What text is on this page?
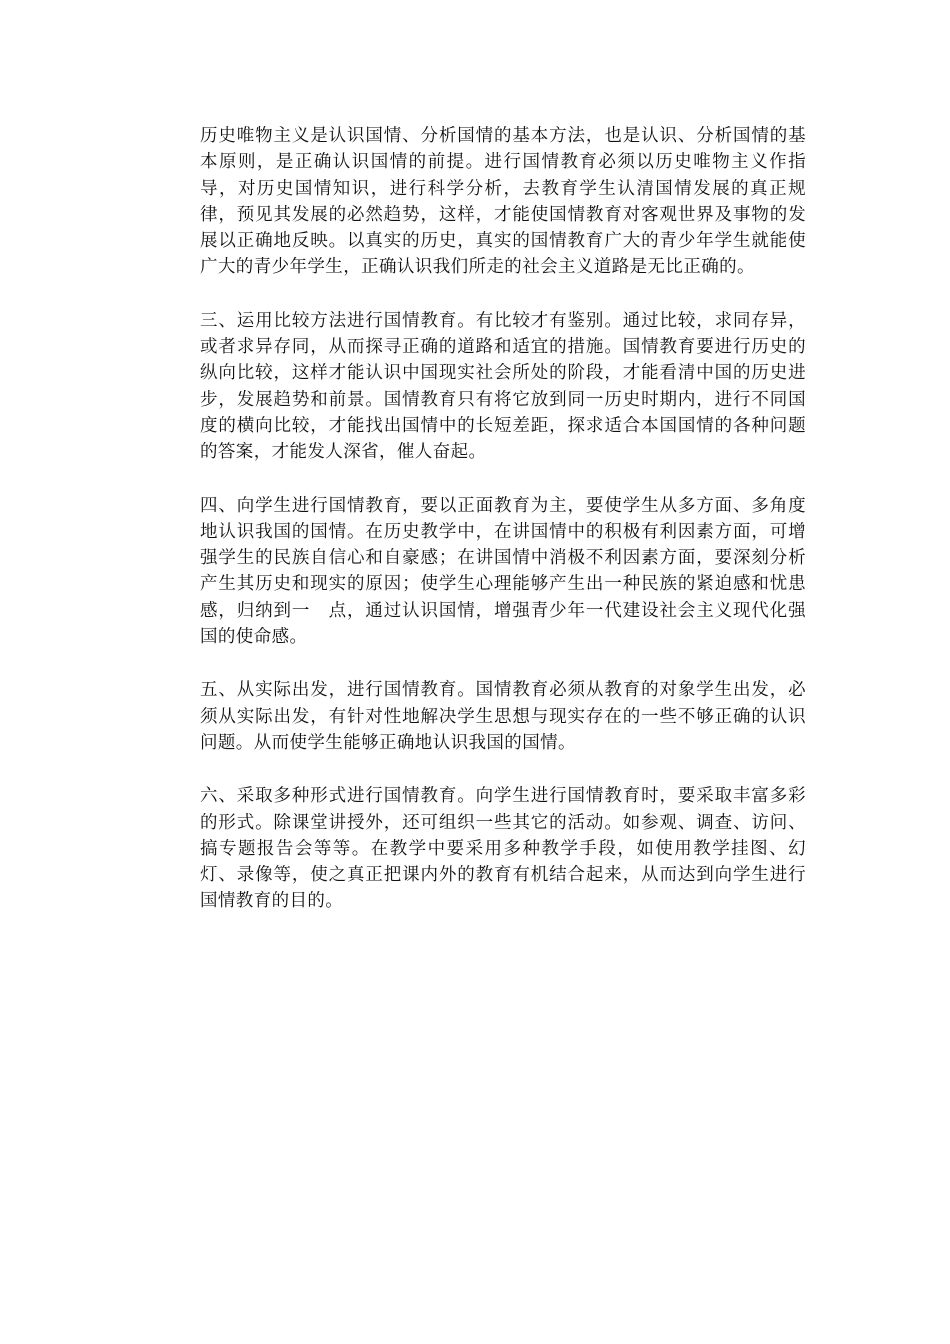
历史唯物主义是认识国情、分析国情的基本方法，也是认识、分析国情的基本原则，是正确认识国情的前提。进行国情教育必须以历史唯物主义作指导，对历史国情知识，进行科学分析，去教育学生认清国情发展的真正规律，预见其发展的必然趋势，这样，才能使国情教育对客观世界及事物的发展以正确地反映。以真实的历史，真实的国情教育广大的青少年学生就能使广大的青少年学生，正确认识我们所走的社会主义道路是无比正确的。

三、运用比较方法进行国情教育。有比较才有鉴别。通过比较，求同存异，或者求异存同，从而探寻正确的道路和适宜的措施。国情教育要进行历史的纵向比较，这样才能认识中国现实社会所处的阶段，才能看清中国的历史进步，发展趋势和前景。国情教育只有将它放到同一历史时期内，进行不同国度的横向比较，才能找出国情中的长短差距，探求适合本国国情的各种问题的答案，才能发人深省，催人奋起。

四、向学生进行国情教育，要以正面教育为主，要使学生从多方面、多角度地认识我国的国情。在历史教学中，在讲国情中的积极有利因素方面，可增强学生的民族自信心和自豪感；在讲国情中消极不利因素方面，要深刻分析产生其历史和现实的原因；使学生心理能够产生出一种民族的紧迫感和忧患感，归纳到一　点，通过认识国情，增强青少年一代建设社会主义现代化强国的使命感。

五、从实际出发，进行国情教育。国情教育必须从教育的对象学生出发，必须从实际出发，有针对性地解决学生思想与现实存在的一些不够正确的认识问题。从而使学生能够正确地认识我国的国情。

六、采取多种形式进行国情教育。向学生进行国情教育时，要采取丰富多彩的形式。除课堂讲授外，还可组织一些其它的活动。如参观、调查、访问、搞专题报告会等等。在教学中要采用多种教学手段，如使用教学挂图、幻灯、录像等，使之真正把课内外的教育有机结合起来，从而达到向学生进行国情教育的目的。
